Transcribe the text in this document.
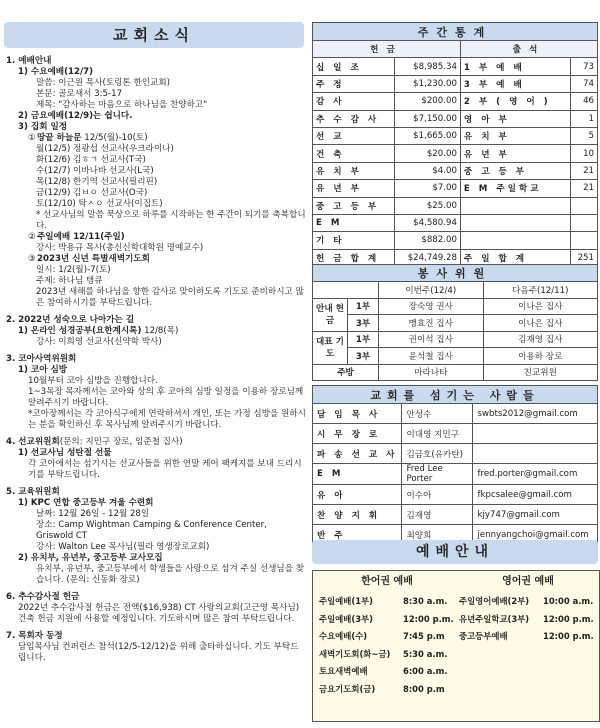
교회소식
1. 예배안내
1) 수요예배(12/7)
말씀: 이근원 목사(토링톤 한인교회)
본문: 골로새서 3:5-17
제목: "감사하는 마음으로 하나님을 찬양하고"
2) 금요예배(12/9)는 쉽니다.
3) 집회 일정
①땅끝 하늘문 12/5(월)-10(토)
월(12/5) 정광섭 선교사(우크라이나)
화(12/6) 김ㅎㄱ 선교사(T국)
수(12/7) 이바나바 선교사(L국)
목(12/8) 한기역 선교사(필리핀)
금(12/9) 김ㅂㅇ 선교사(O국)
토(12/10) 탁ㅅㅇ 선교사(이집트)
* 선교사님의 말씀 묵상으로 하루를 시작하는 한 주간이 되기를 축복합니다.
②주일예배 12/11(주일)
강사: 박용규 목사(총신신학대학원 명예교수)
③2023년 신년 특별새벽기도회
일시: 1/2(월)-7(토)
주제: 하나님 탱큐
2023년 새해를 하나님을 향한 감사로 맞이하도록 기도로 준비하시고 많은 참여하시기를 부탁드립니다.
2. 2022년 성숙으로 나아가는 길
1) 온라인 성경공부(요한계시록) 12/8(목)
강사: 이희영 선교사(신약학 박사)
3. 코아사역위원회
1) 코아 심방
10월부터 코아 심방을 진행합니다.
1~3목장 목자께서는 코아와 상의 후 코아의 심방 일정을 이용하 장로님께 알려주시기 바랍니다.
*코아장께서는 각 코아식구에게 연락하셔서 개인, 또는 가정 심방을 원하시는 분을 확인하신 후 목사님께 알려주시기 바랍니다.
4. 선교위원회(문의: 지민구 장로, 임준철 집사)
1) 선교사님 성탄절 선물
각 코아에서는 섬기시는 선교사들을 위한 연말 케어 팩케지를 보내 드리시기를 부탁드립니다.
5. 교육위원회
1) KPC 연합 중고등부 겨울 수련회
날짜: 12월 26일 - 12월 28일
장소: Camp Wightman Camping & Conference Center, Griswold CT
강사: Walton Lee 목사님(필라 영생장로교회)
2) 유치부, 유년부, 중고등부 교사모집
유치부, 유년부, 중고등부에서 학생들을 사랑으로 섬겨 주실 선생님을 찾습니다. (문의: 신동화 장로)
6. 추수감사절 헌금
2022년 추수감사절 헌금은 전액($16,938) CT 사랑의교회(고근영 목사님) 건축 헌금 지원에 사용할 예정입니다. 기도하시며 많은 참여 부탁드립니다.
7. 목회자 동정
담임목사님 컨퍼런스 참석(12/5-12/12)을 위해 출타하십니다. 기도 부탁드립니다.
주간통계			
헌금		출석	
십 일 조	$8,985.34	1 부 예 배	73
주 정	$1,230.00	3 부 예 배	74
감 사	$200.00	2 부 ( 영 어 )	46
추 수 감 사	$7,150.00	영 아 부	1
선 교	$1,665.00	유 치 부	5
건 축	$20.00	유 년 부	10
유 치 부	$4.00	중 고 등 부	21
유 년 부	$7.00	E M 주일학교	21
중 고 등 부	$25.00		
E M	$4,580.94		
기 타	$882.00		
헌 금 합 계	$24,749.28	주 일 합 계	251
봉사위원			
		이번주(12/4)	다음주(12/11)
안내 헌금	1부	장숙영 권사	이나은 집사
	3부	맹효진 집사	이나은 집사
대표 기도	1부	권이석 집사	김재영 집사
	3부	윤석철 집사	이용하 장로
주방		마라나타	친교위원
교회를 섬기는 사람들		
담 임 목 사	안성수	swbts2012@gmail.com
시 무 장 로	이대영 지민구	
파 송 선 교 사	김금호(유카탄)	
E M	Fred Lee Porter	fred.porter@gmail.com
유 아	이수아	fkpcsalee@gmail.com
찬 양 지 휘	김재영	kjy747@gmail.com
반 주	최양희	jennyangchoi@gmail.com
예배안내
한어권 예배
주일예배(1부)	8:30 a.m.
주일예배(3부)	12:00 p.m.
수요예배(수)	7:45 p.m
새벽기도회(화~금) 5:30 a.m.
토요새벽예배	6:00 a.m.
금요기도회(금)	8:00 p.m
영어권 예배
주일영어예배(2부) 10:00 a.m.
유년주일학교(3부) 12:00 p.m.
중고등부예배	12:00 p.m.
